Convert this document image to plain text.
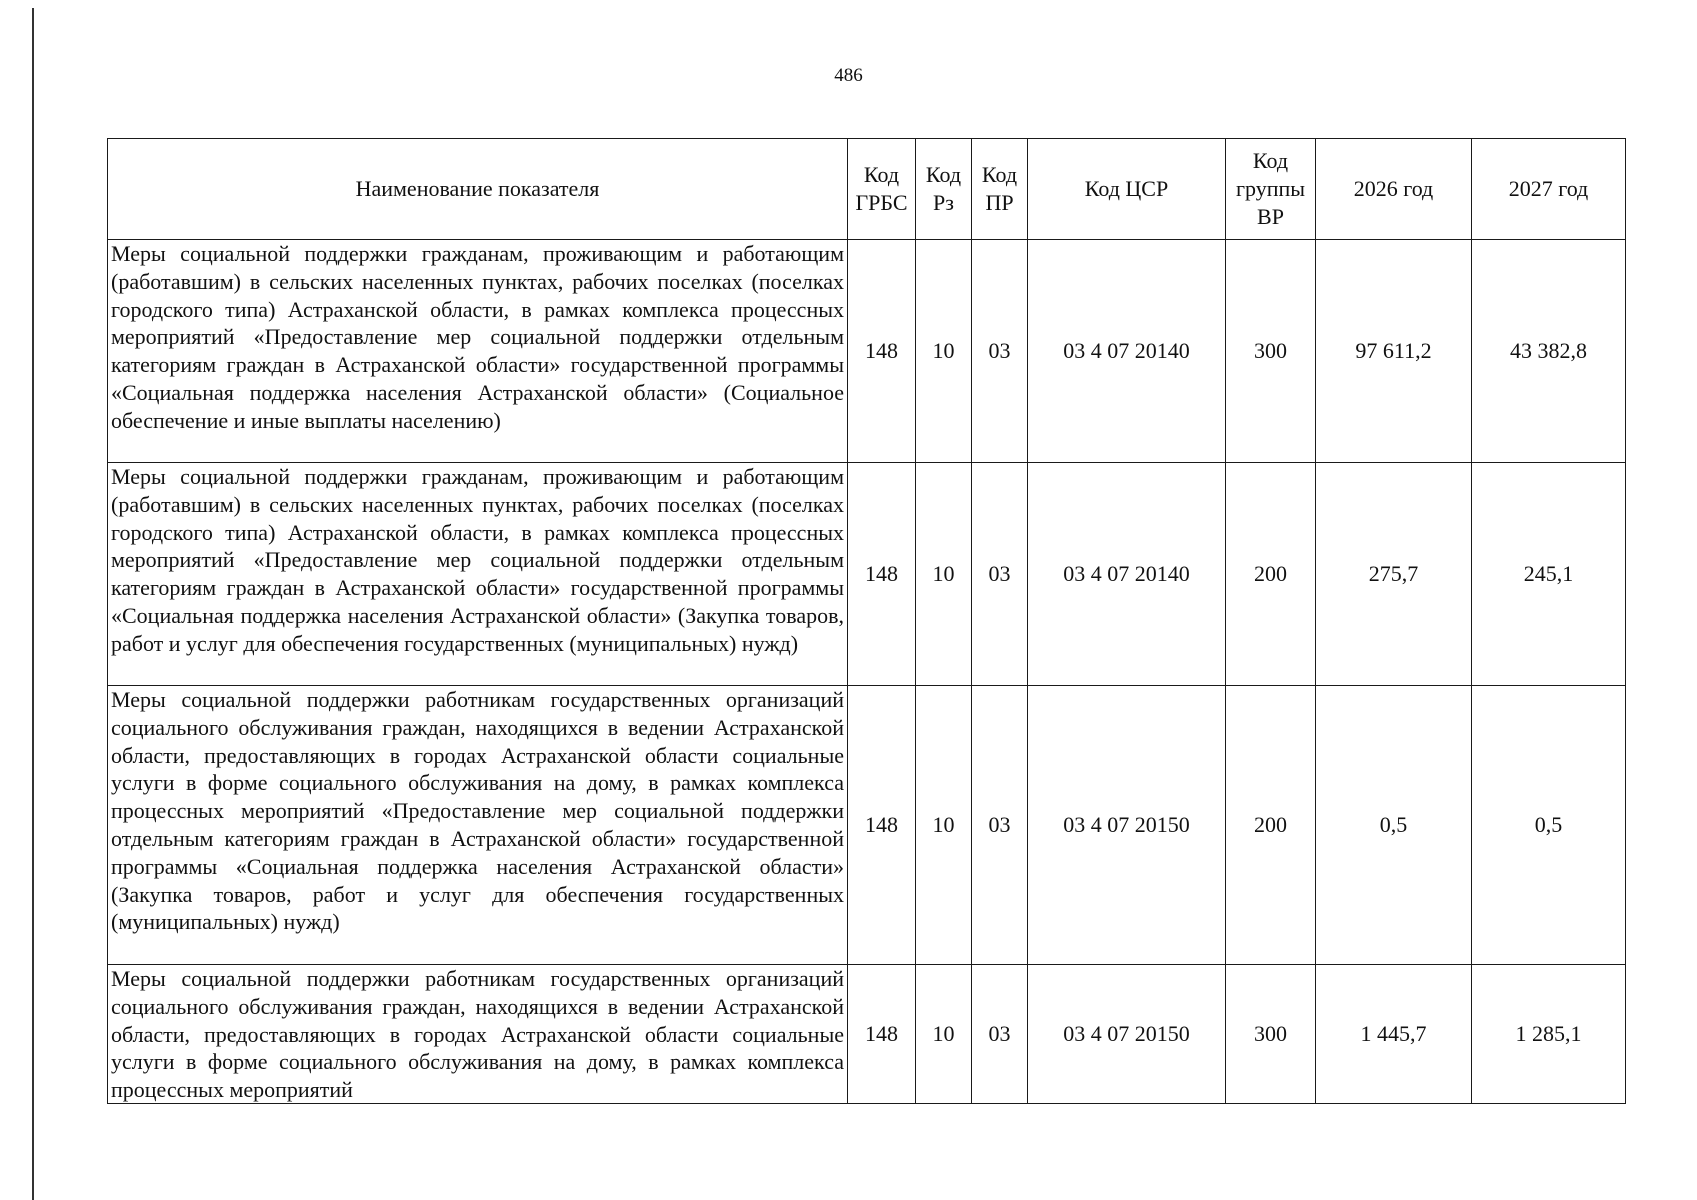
486
Наименование показателя	Код ГРБС	Код Рз	Код ПР	Код ЦСР	Код группы ВР	2026 год	2027 год
Меры социальной поддержки гражданам, проживающим и работающим (работавшим) в сельских населенных пунктах, рабочих поселках (поселках городского типа) Астраханской области, в рамках комплекса процессных мероприятий «Предоставление мер социальной поддержки отдельным категориям граждан в Астраханской области» государственной программы «Социальная поддержка населения Астраханской области» (Социальное обеспечение и иные выплаты населению)	148	10	03	03 4 07 20140	300	97 611,2	43 382,8
Меры социальной поддержки гражданам, проживающим и работающим (работавшим) в сельских населенных пунктах, рабочих поселках (поселках городского типа) Астраханской области, в рамках комплекса процессных мероприятий «Предоставление мер социальной поддержки отдельным категориям граждан в Астраханской области» государственной программы «Социальная поддержка населения Астраханской области» (Закупка товаров, работ и услуг для обеспечения государственных (муниципальных) нужд)	148	10	03	03 4 07 20140	200	275,7	245,1
Меры социальной поддержки работникам государственных организаций социального обслуживания граждан, находящихся в ведении Астраханской области, предоставляющих в городах Астраханской области социальные услуги в форме социального обслуживания на дому, в рамках комплекса процессных мероприятий «Предоставление мер социальной поддержки отдельным категориям граждан в Астраханской области» государственной программы «Социальная поддержка населения Астраханской области» (Закупка товаров, работ и услуг для обеспечения государственных (муниципальных) нужд)	148	10	03	03 4 07 20150	200	0,5	0,5

Меры социальной поддержки работникам государственных организаций социального обслуживания граждан, находящихся в ведении Астраханской области, предоставляющих в городах Астраханской области социальные услуги в форме социального обслуживания на дому, в рамках комплекса процессных мероприятий	148	10	03	03 4 07 20150	300	1 445,7	1 285,1
